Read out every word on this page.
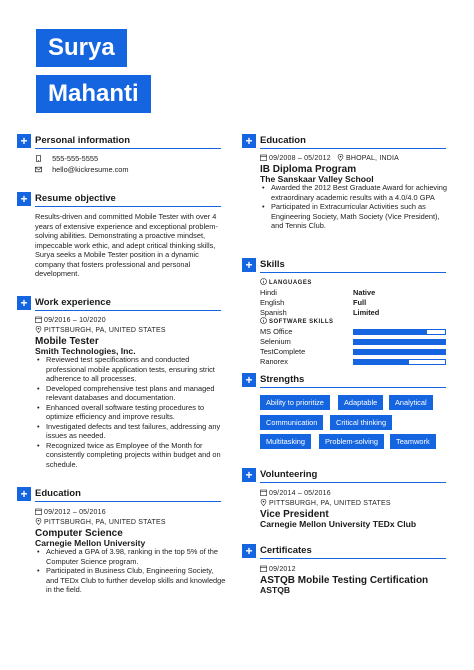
Surya
Mahanti
+ Personal information
555-555-5555
hello@kickresume.com
+ Resume objective
Results-driven and committed Mobile Tester with over 4 years of extensive experience and exceptional problem-solving abilities. Demonstrating a proactive mindset, impeccable work ethic, and adept critical thinking skills, Surya seeks a Mobile Tester position in a dynamic company that fosters professional and personal development.
+ Work experience
09/2016 – 10/2020
PITTSBURGH, PA, UNITED STATES
Mobile Tester
Smith Technologies, Inc.
• Reviewed test specifications and conducted professional mobile application tests, ensuring strict adherence to all processes.
• Developed comprehensive test plans and managed relevant databases and documentation.
• Enhanced overall software testing procedures to optimize efficiency and improve results.
• Investigated defects and test failures, addressing any issues as needed.
• Recognized twice as Employee of the Month for consistently completing projects within budget and on schedule.
+ Education
09/2012 – 05/2016
PITTSBURGH, PA, UNITED STATES
Computer Science
Carnegie Mellon University
• Achieved a GPA of 3.98, ranking in the top 5% of the Computer Science program.
• Participated in Business Club, Engineering Society, and TEDx Club to further develop skills and knowledge in the field.
+ Education
09/2008 – 05/2012 BHOPAL, INDIA
IB Diploma Program
The Sanskaar Valley School
• Awarded the 2012 Best Graduate Award for achieving extraordinary academic results with a 4.0/4.0 GPA
• Participated in Extracurricular Activities such as Engineering Society, Math Society (Vice President), and Tennis Club.
+ Skills
LANGUAGES
Hindi	Native
English	Full
Spanish	Limited
SOFTWARE SKILLS
MS Office
Selenium
TestComplete
Ranorex
+ Strengths
Ability to prioritize	Adaptable	Analytical
Communication	Critical thinking
Multitasking	Problem-solving	Teamwork
+ Volunteering
09/2014 – 05/2016
PITTSBURGH, PA, UNITED STATES
Vice President
Carnegie Mellon University TEDx Club
+ Certificates
09/2012
ASTQB Mobile Testing Certification
ASTQB
